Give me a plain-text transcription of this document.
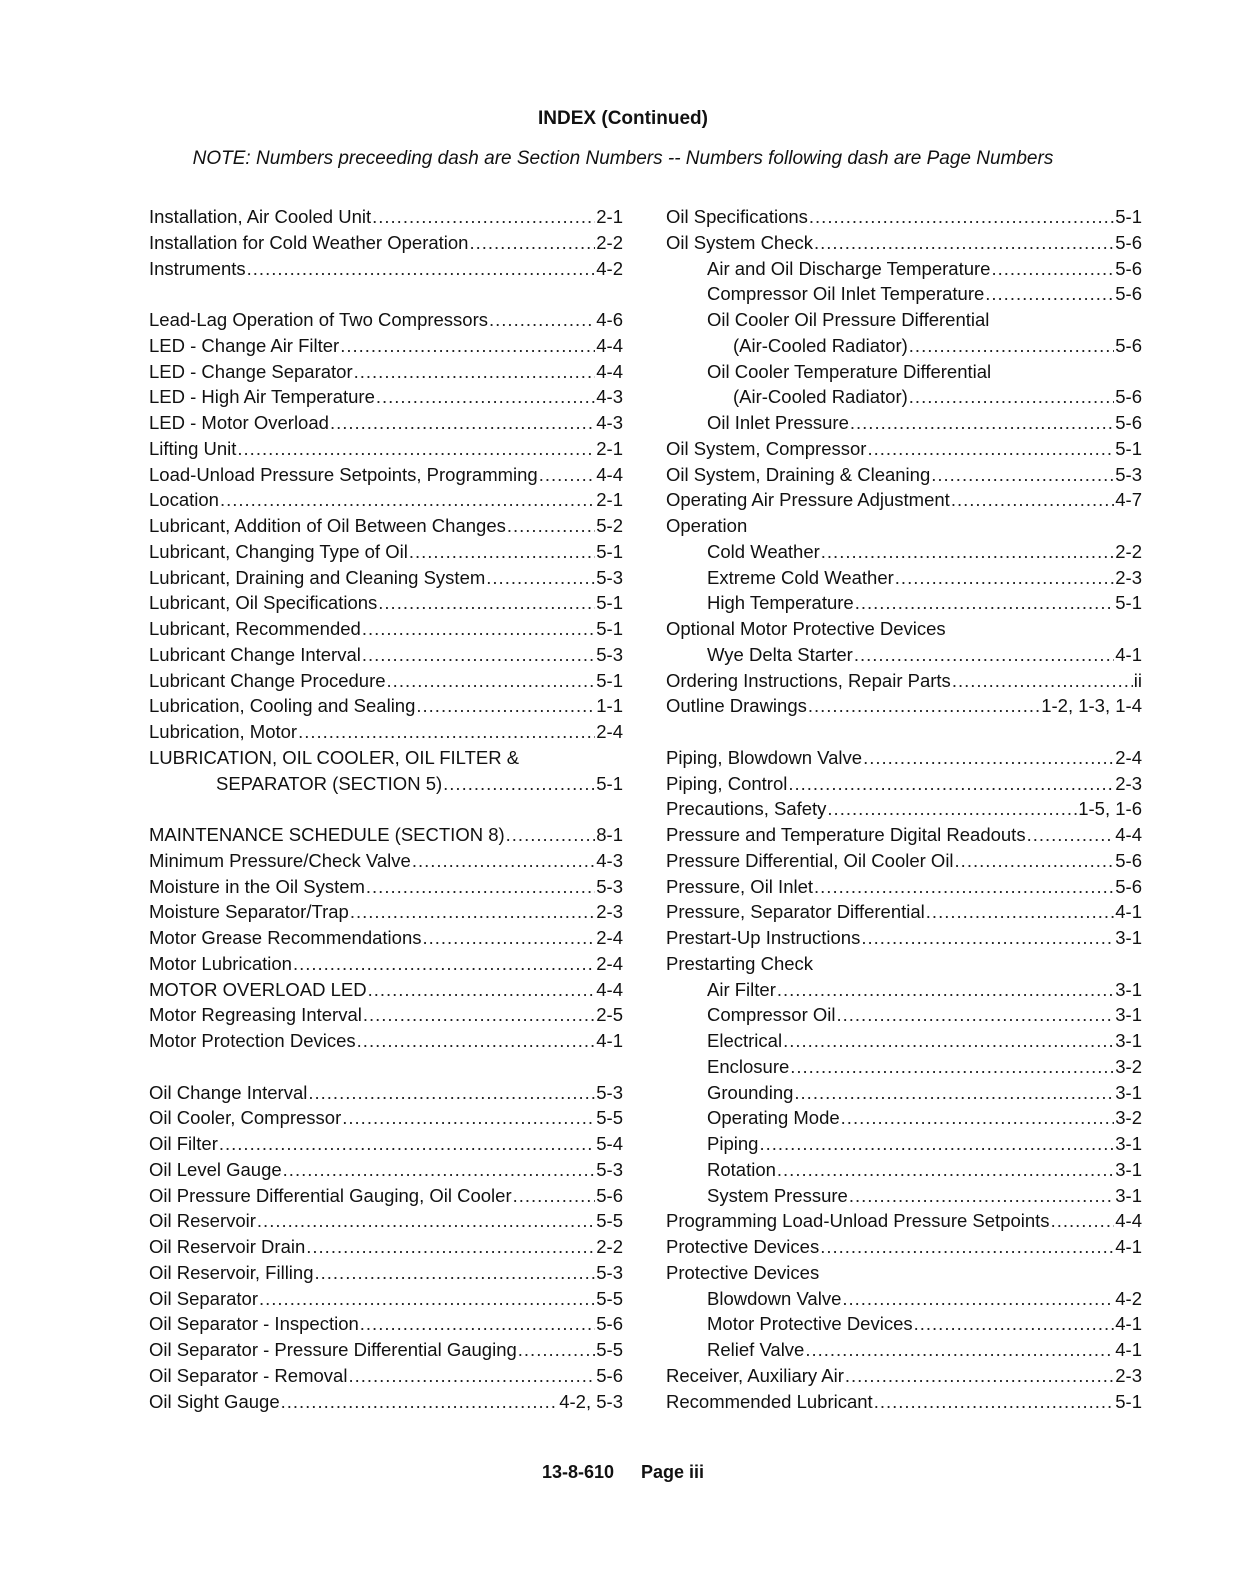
INDEX (Continued)
NOTE: Numbers preceeding dash are Section Numbers -- Numbers following dash are Page Numbers
Installation, Air Cooled Unit .....	2-1
Installation for Cold Weather Operation .....	2-2
Instruments .....	4-2
Lead-Lag Operation of Two Compressors .....	4-6
LED - Change Air Filter .....	4-4
LED - Change Separator .....	4-4
LED - High Air Temperature .....	4-3
LED - Motor Overload .....	4-3
Lifting Unit .....	2-1
Load-Unload Pressure Setpoints, Programming .....	4-4
Location .....	2-1
Lubricant, Addition of Oil Between Changes .....	5-2
Lubricant, Changing Type of Oil .....	5-1
Lubricant, Draining and Cleaning System .....	5-3
Lubricant, Oil Specifications .....	5-1
Lubricant, Recommended .....	5-1
Lubricant Change Interval .....	5-3
Lubricant Change Procedure .....	5-1
Lubrication, Cooling and Sealing .....	1-1
Lubrication, Motor .....	2-4
LUBRICATION, OIL COOLER, OIL FILTER &
SEPARATOR (SECTION 5) .....	5-1
MAINTENANCE SCHEDULE (SECTION 8) .....	8-1
Minimum Pressure/Check Valve .....	4-3
Moisture in the Oil System .....	5-3
Moisture Separator/Trap .....	2-3
Motor Grease Recommendations .....	2-4
Motor Lubrication .....	2-4
MOTOR OVERLOAD LED .....	4-4
Motor Regreasing Interval .....	2-5
Motor Protection Devices .....	4-1
Oil Change Interval .....	5-3
Oil Cooler, Compressor .....	5-5
Oil Filter .....	5-4
Oil Level Gauge .....	5-3
Oil Pressure Differential Gauging, Oil Cooler .....	5-6
Oil Reservoir .....	5-5
Oil Reservoir Drain .....	2-2
Oil Reservoir, Filling .....	5-3
Oil Separator .....	5-5
Oil Separator - Inspection .....	5-6
Oil Separator - Pressure Differential Gauging .....	5-5
Oil Separator - Removal .....	5-6
Oil Sight Gauge .....	4-2, 5-3
Oil Specifications .....	5-1
Oil System Check .....	5-6
Air and Oil Discharge Temperature .....	5-6
Compressor Oil Inlet Temperature .....	5-6
Oil Cooler Oil Pressure Differential
(Air-Cooled Radiator) .....	5-6
Oil Cooler Temperature Differential
(Air-Cooled Radiator) .....	5-6
Oil Inlet Pressure .....	5-6
Oil System, Compressor .....	5-1
Oil System, Draining & Cleaning .....	5-3
Operating Air Pressure Adjustment .....	4-7
Operation
Cold Weather .....	2-2
Extreme Cold Weather .....	2-3
High Temperature .....	5-1
Optional Motor Protective Devices
Wye Delta Starter .....	4-1
Ordering Instructions, Repair Parts .....	ii
Outline Drawings .....	1-2, 1-3, 1-4
Piping, Blowdown Valve .....	2-4
Piping, Control .....	2-3
Precautions, Safety .....	1-5, 1-6
Pressure and Temperature Digital Readouts .....	4-4
Pressure Differential, Oil Cooler Oil .....	5-6
Pressure, Oil Inlet .....	5-6
Pressure, Separator Differential .....	4-1
Prestart-Up Instructions .....	3-1
Prestarting Check
Air Filter .....	3-1
Compressor Oil .....	3-1
Electrical .....	3-1
Enclosure .....	3-2
Grounding .....	3-1
Operating Mode .....	3-2
Piping .....	3-1
Rotation .....	3-1
System Pressure .....	3-1
Programming Load-Unload Pressure Setpoints .....	4-4
Protective Devices .....	4-1
Protective Devices
Blowdown Valve .....	4-2
Motor Protective Devices .....	4-1
Relief Valve .....	4-1
Receiver, Auxiliary Air .....	2-3
Recommended Lubricant .....	5-1
13-8-610 Page iii
